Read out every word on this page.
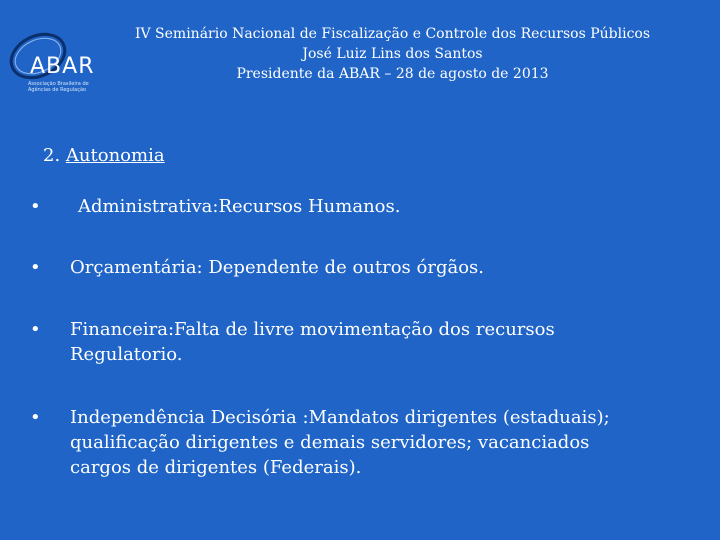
ABAR
Associação Brasileira de Agências de Regulação
IV Seminário Nacional de Fiscalização e Controle dos Recursos Públicos
José Luiz Lins dos Santos
Presidente da ABAR – 28 de agosto de 2013
2. Autonomia
•	Administrativa:Recursos Humanos.
•	Orçamentária: Dependente de outros órgãos.
•	Financeira:Falta de livre movimentação dos recursos
Regulatorio.
•	Independência Decisória :Mandatos dirigentes (estaduais);
qualificação dirigentes e demais servidores; vacanciados
cargos de dirigentes (Federais).
